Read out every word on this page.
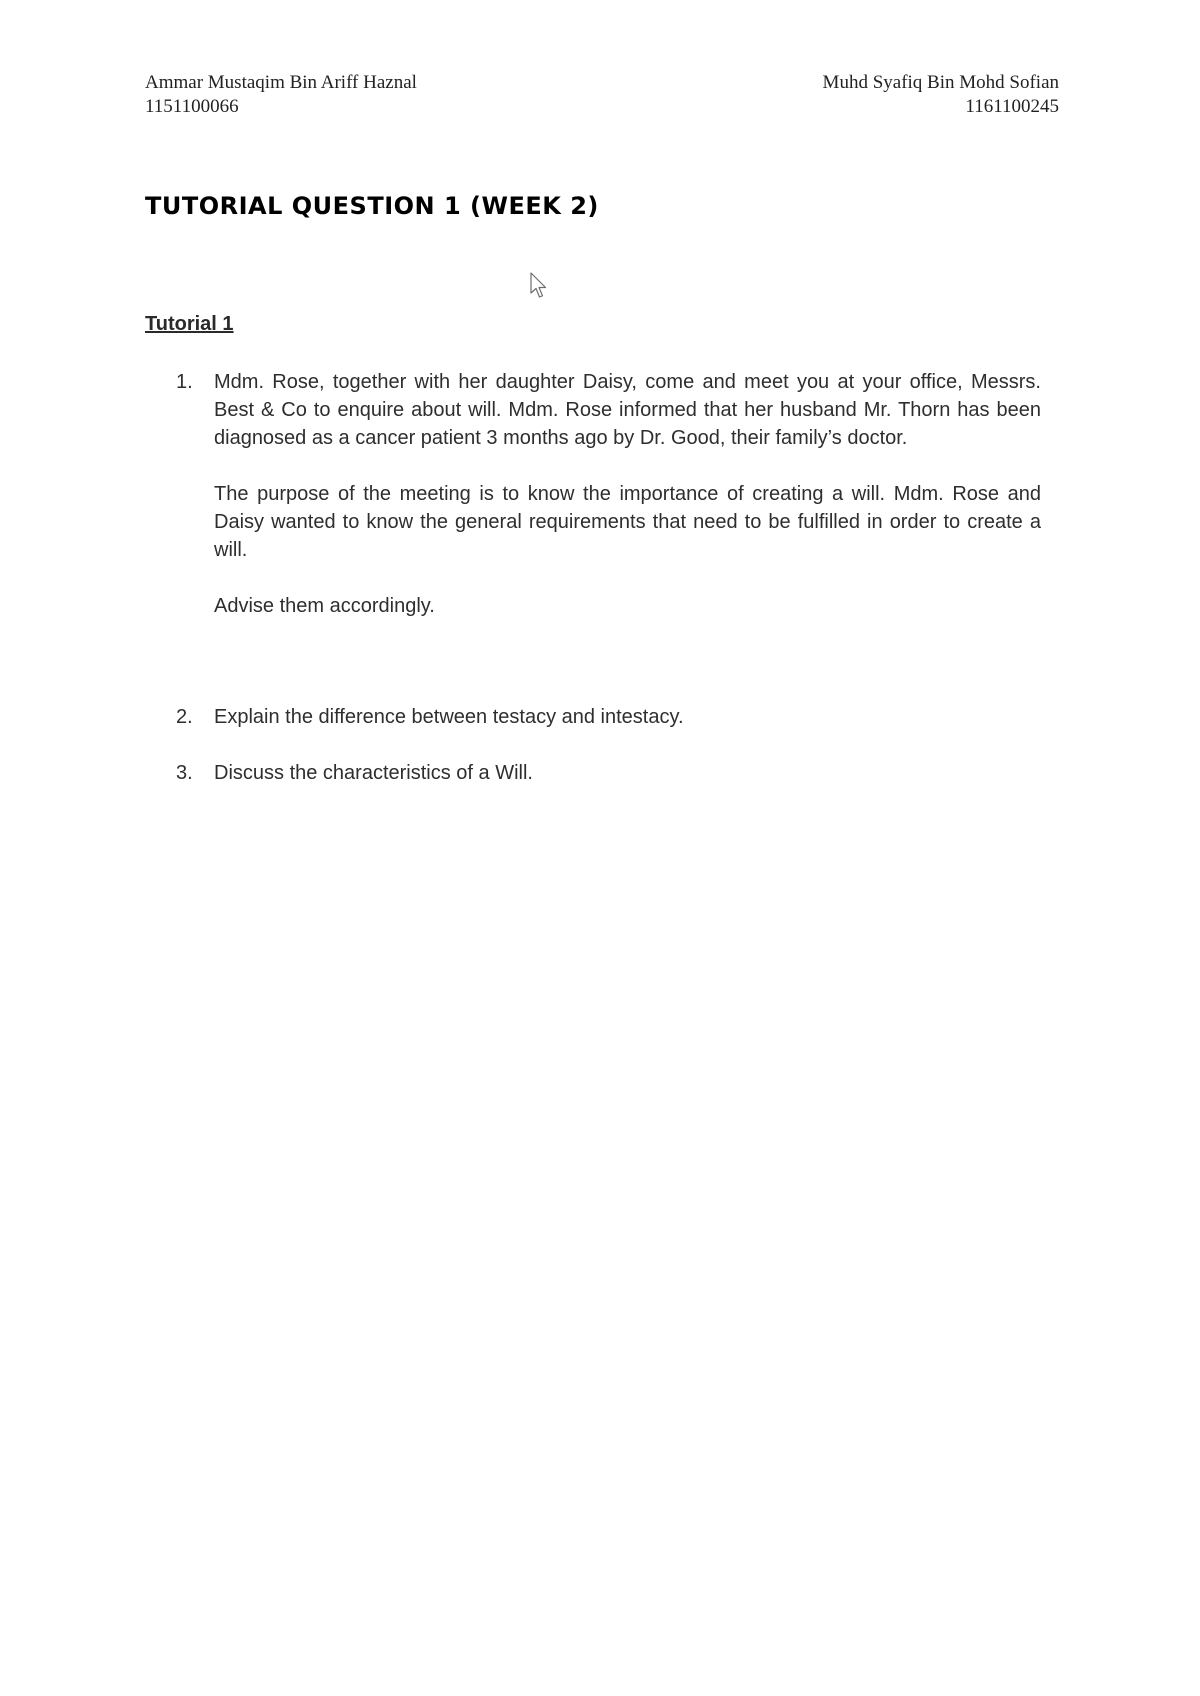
Ammar Mustaqim Bin Ariff Haznal
1151100066
Muhd Syafiq Bin Mohd Sofian
1161100245
TUTORIAL QUESTION 1 (WEEK 2)
Tutorial 1
1.	Mdm. Rose, together with her daughter Daisy, come and meet you at your office, Messrs. Best & Co to enquire about will. Mdm. Rose informed that her husband Mr. Thorn has been diagnosed as a cancer patient 3 months ago by Dr. Good, their family’s doctor.

The purpose of the meeting is to know the importance of creating a will. Mdm. Rose and Daisy wanted to know the general requirements that need to be fulfilled in order to create a will.

Advise them accordingly.

2.	Explain the difference between testacy and intestacy.

3.	Discuss the characteristics of a Will.
